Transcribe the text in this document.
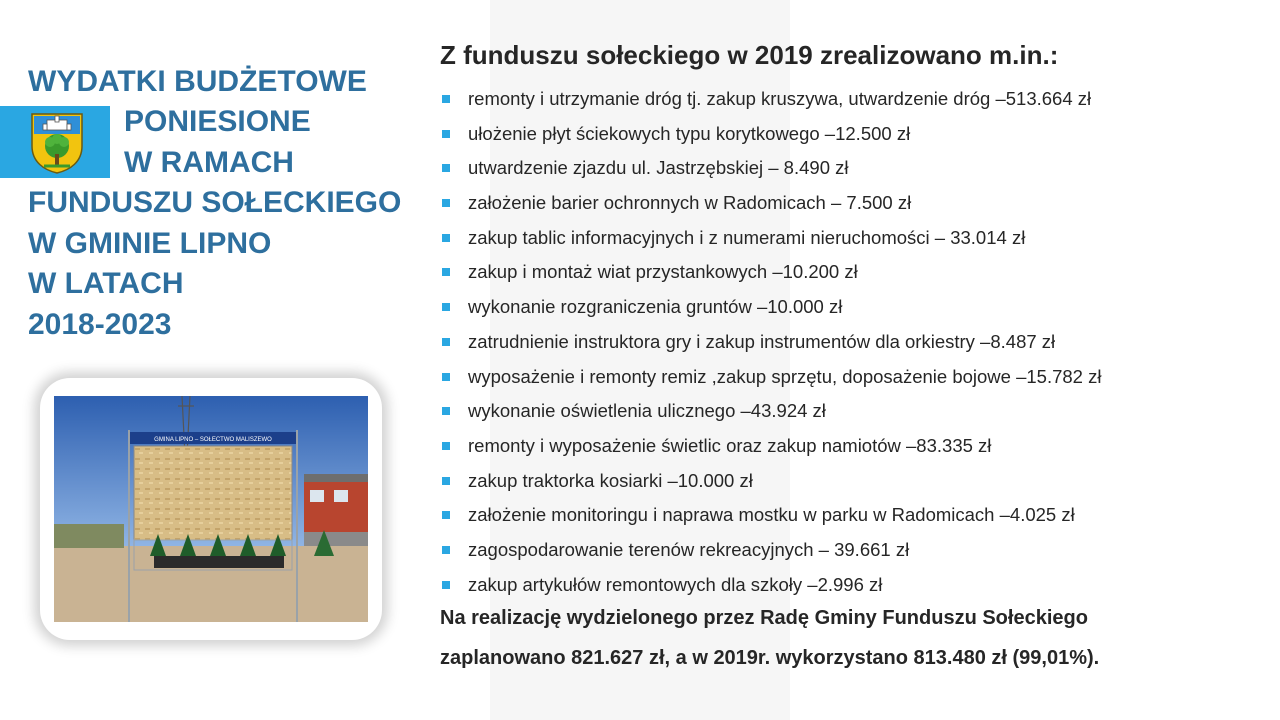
WYDATKI BUDŻETOWE
PONIESIONE
W RAMACH
FUNDUSZU SOŁECKIEGO
W GMINIE LIPNO
W LATACH
2018-2023
GMINA LIPNO – SOŁECTWO MALISZEWO
Z funduszu sołeckiego w 2019 zrealizowano m.in.:
remonty i utrzymanie dróg tj. zakup kruszywa, utwardzenie dróg –513.664 zł
ułożenie płyt ściekowych typu korytkowego –12.500 zł
utwardzenie zjazdu ul. Jastrzębskiej – 8.490 zł
założenie barier ochronnych w Radomicach – 7.500 zł
zakup tablic informacyjnych i z numerami nieruchomości – 33.014 zł
zakup i montaż wiat przystankowych –10.200 zł
wykonanie rozgraniczenia gruntów –10.000 zł
zatrudnienie instruktora gry i zakup instrumentów dla orkiestry –8.487 zł
wyposażenie i remonty remiz ,zakup sprzętu, doposażenie bojowe –15.782 zł
wykonanie oświetlenia ulicznego –43.924 zł
remonty i wyposażenie świetlic oraz zakup namiotów –83.335 zł
zakup traktorka kosiarki –10.000 zł
założenie monitoringu i naprawa mostku w parku w Radomicach –4.025 zł
zagospodarowanie terenów rekreacyjnych – 39.661 zł
zakup artykułów remontowych dla szkoły –2.996 zł
Na realizację wydzielonego przez Radę Gminy Funduszu Sołeckiego
zaplanowano 821.627 zł, a w 2019r. wykorzystano 813.480 zł (99,01%).
